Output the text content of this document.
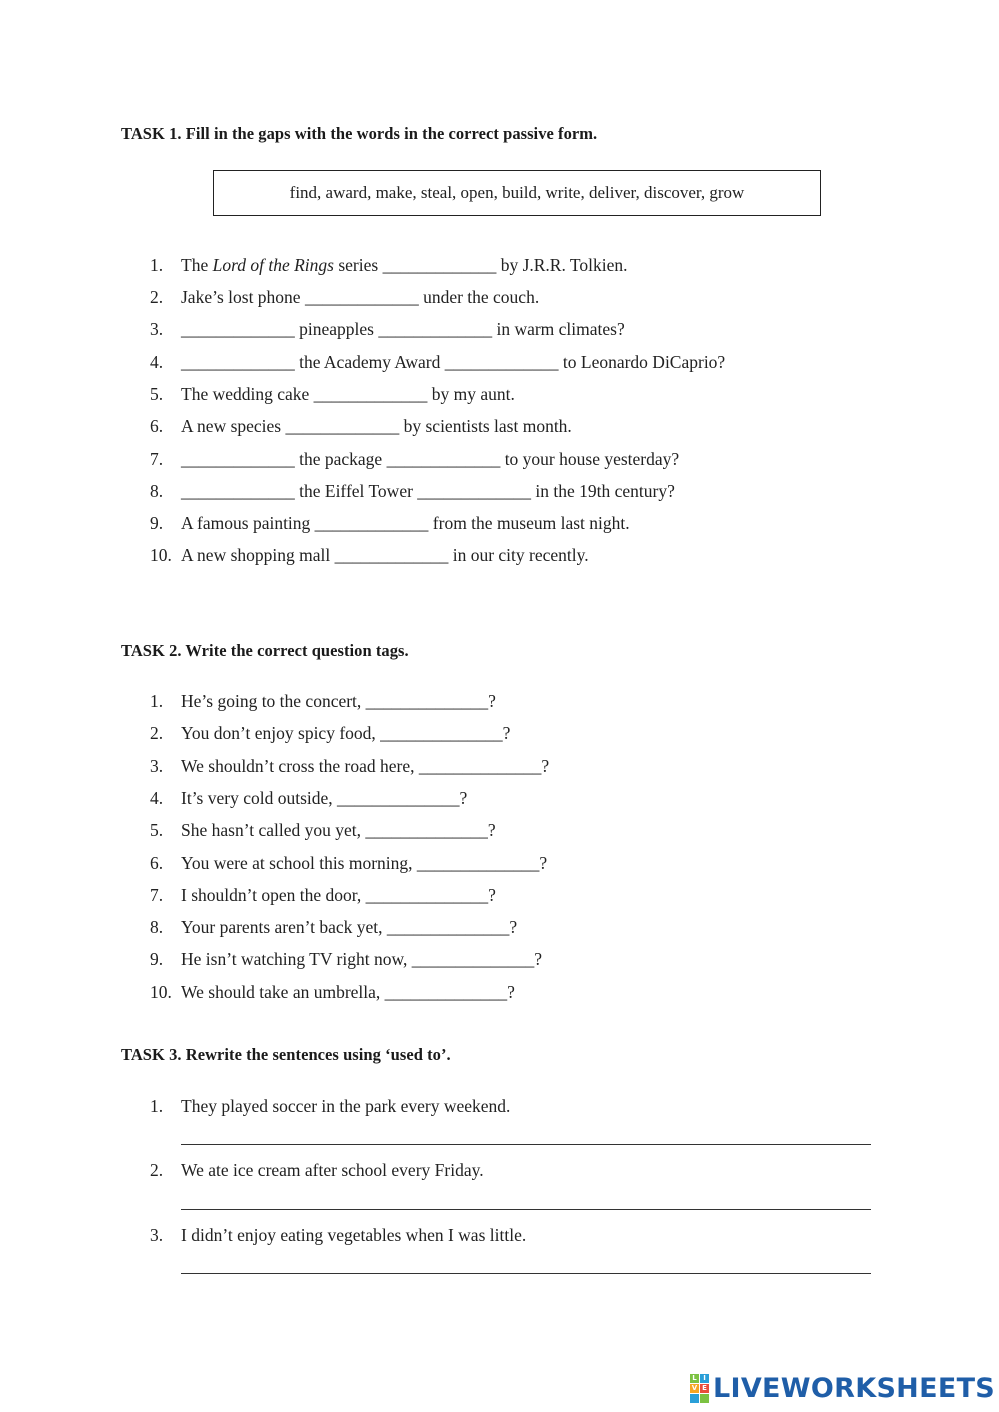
TASK 1. Fill in the gaps with the words in the correct passive form.
find, award, make, steal, open, build, write, deliver, discover, grow
1. The Lord of the Rings series _____________ by J.R.R. Tolkien.
2. Jake’s lost phone _____________ under the couch.
3. _____________ pineapples _____________ in warm climates?
4. _____________ the Academy Award _____________ to Leonardo DiCaprio?
5. The wedding cake _____________ by my aunt.
6. A new species _____________ by scientists last month.
7. _____________ the package _____________ to your house yesterday?
8. _____________ the Eiffel Tower _____________ in the 19th century?
9. A famous painting _____________ from the museum last night.
10. A new shopping mall _____________ in our city recently.
TASK 2. Write the correct question tags.
1. He’s going to the concert, ______________?
2. You don’t enjoy spicy food, ______________?
3. We shouldn’t cross the road here, ______________?
4. It’s very cold outside, ______________?
5. She hasn’t called you yet, ______________?
6. You were at school this morning, ______________?
7. I shouldn’t open the door, ______________?
8. Your parents aren’t back yet, ______________?
9. He isn’t watching TV right now, ______________?
10. We should take an umbrella, ______________?
TASK 3. Rewrite the sentences using ‘used to’.
1. They played soccer in the park every weekend.
2. We ate ice cream after school every Friday.
3. I didn’t enjoy eating vegetables when I was little.
L I
V E LIVEWORKSHEETS
